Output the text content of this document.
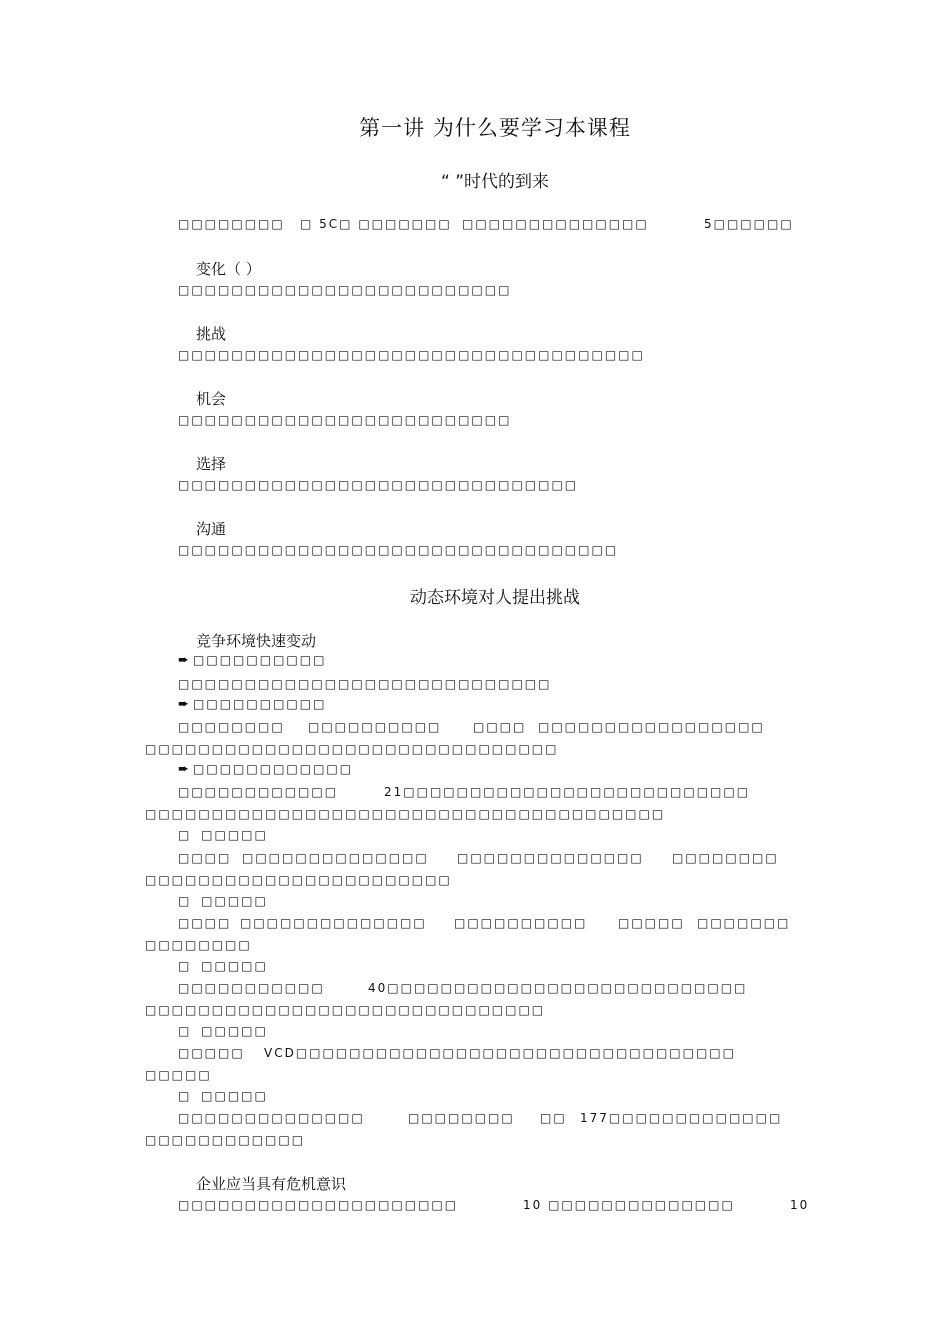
第一讲 为什么要学习本课程
“ ”时代的到来
□□□□□□□□ □ 5C□ □□□□□□□ □□□□□□□□□□□□□□	5□□□□□□
变化（ ）
□□□□□□□□□□□□□□□□□□□□□□□□□
挑战
□□□□□□□□□□□□□□□□□□□□□□□□□□□□□□□□□□□
机会
□□□□□□□□□□□□□□□□□□□□□□□□□
选择
□□□□□□□□□□□□□□□□□□□□□□□□□□□□□□
沟通
□□□□□□□□□□□□□□□□□□□□□□□□□□□□□□□□□
动态环境对人提出挑战
竞争环境快速变动
➨ □□□□□□□□□□
□□□□□□□□□□□□□□□□□□□□□□□□□□□□
➨ □□□□□□□□□□
□□□□□□□□ □□□□□□□□□□	□□□□ □□□□□□□□□□□□□□□□□
□□□□□□□□□□□□□□□□□□□□□□□□□□□□□□□
➨ □□□□□□□□□□□□
□□□□□□□□□□□□	21□□□□□□□□□□□□□□□□□□□□□□□□□□
□□□□□□□□□□□□□□□□□□□□□□□□□□□□□□□□□□□□□□□
□ □□□□□
□□□□ □□□□□□□□□□□□□□ □□□□□□□□□□□□□□ □□□□□□□□
□□□□□□□□□□□□□□□□□□□□□□□
□ □□□□□
□□□□ □□□□□□□□□□□□□□ □□□□□□□□□□	□□□□□ □□□□□□□
□□□□□□□□
□ □□□□□
□□□□□□□□□□□	40□□□□□□□□□□□□□□□□□□□□□□□□□□□
□□□□□□□□□□□□□□□□□□□□□□□□□□□□□□
□ □□□□□
□□□□□ VCD□□□□□□□□□□□□□□□□□□□□□□□□□□□□□□□□□
□□□□□
□ □□□□□
□□□□□□□□□□□□□□	□□□□□□□□ □□ 177□□□□□□□□□□□□□
□□□□□□□□□□□□
企业应当具有危机意识
□□□□□□□□□□□□□□□□□□□□□	10 □□□□□□□□□□□□□□	10
